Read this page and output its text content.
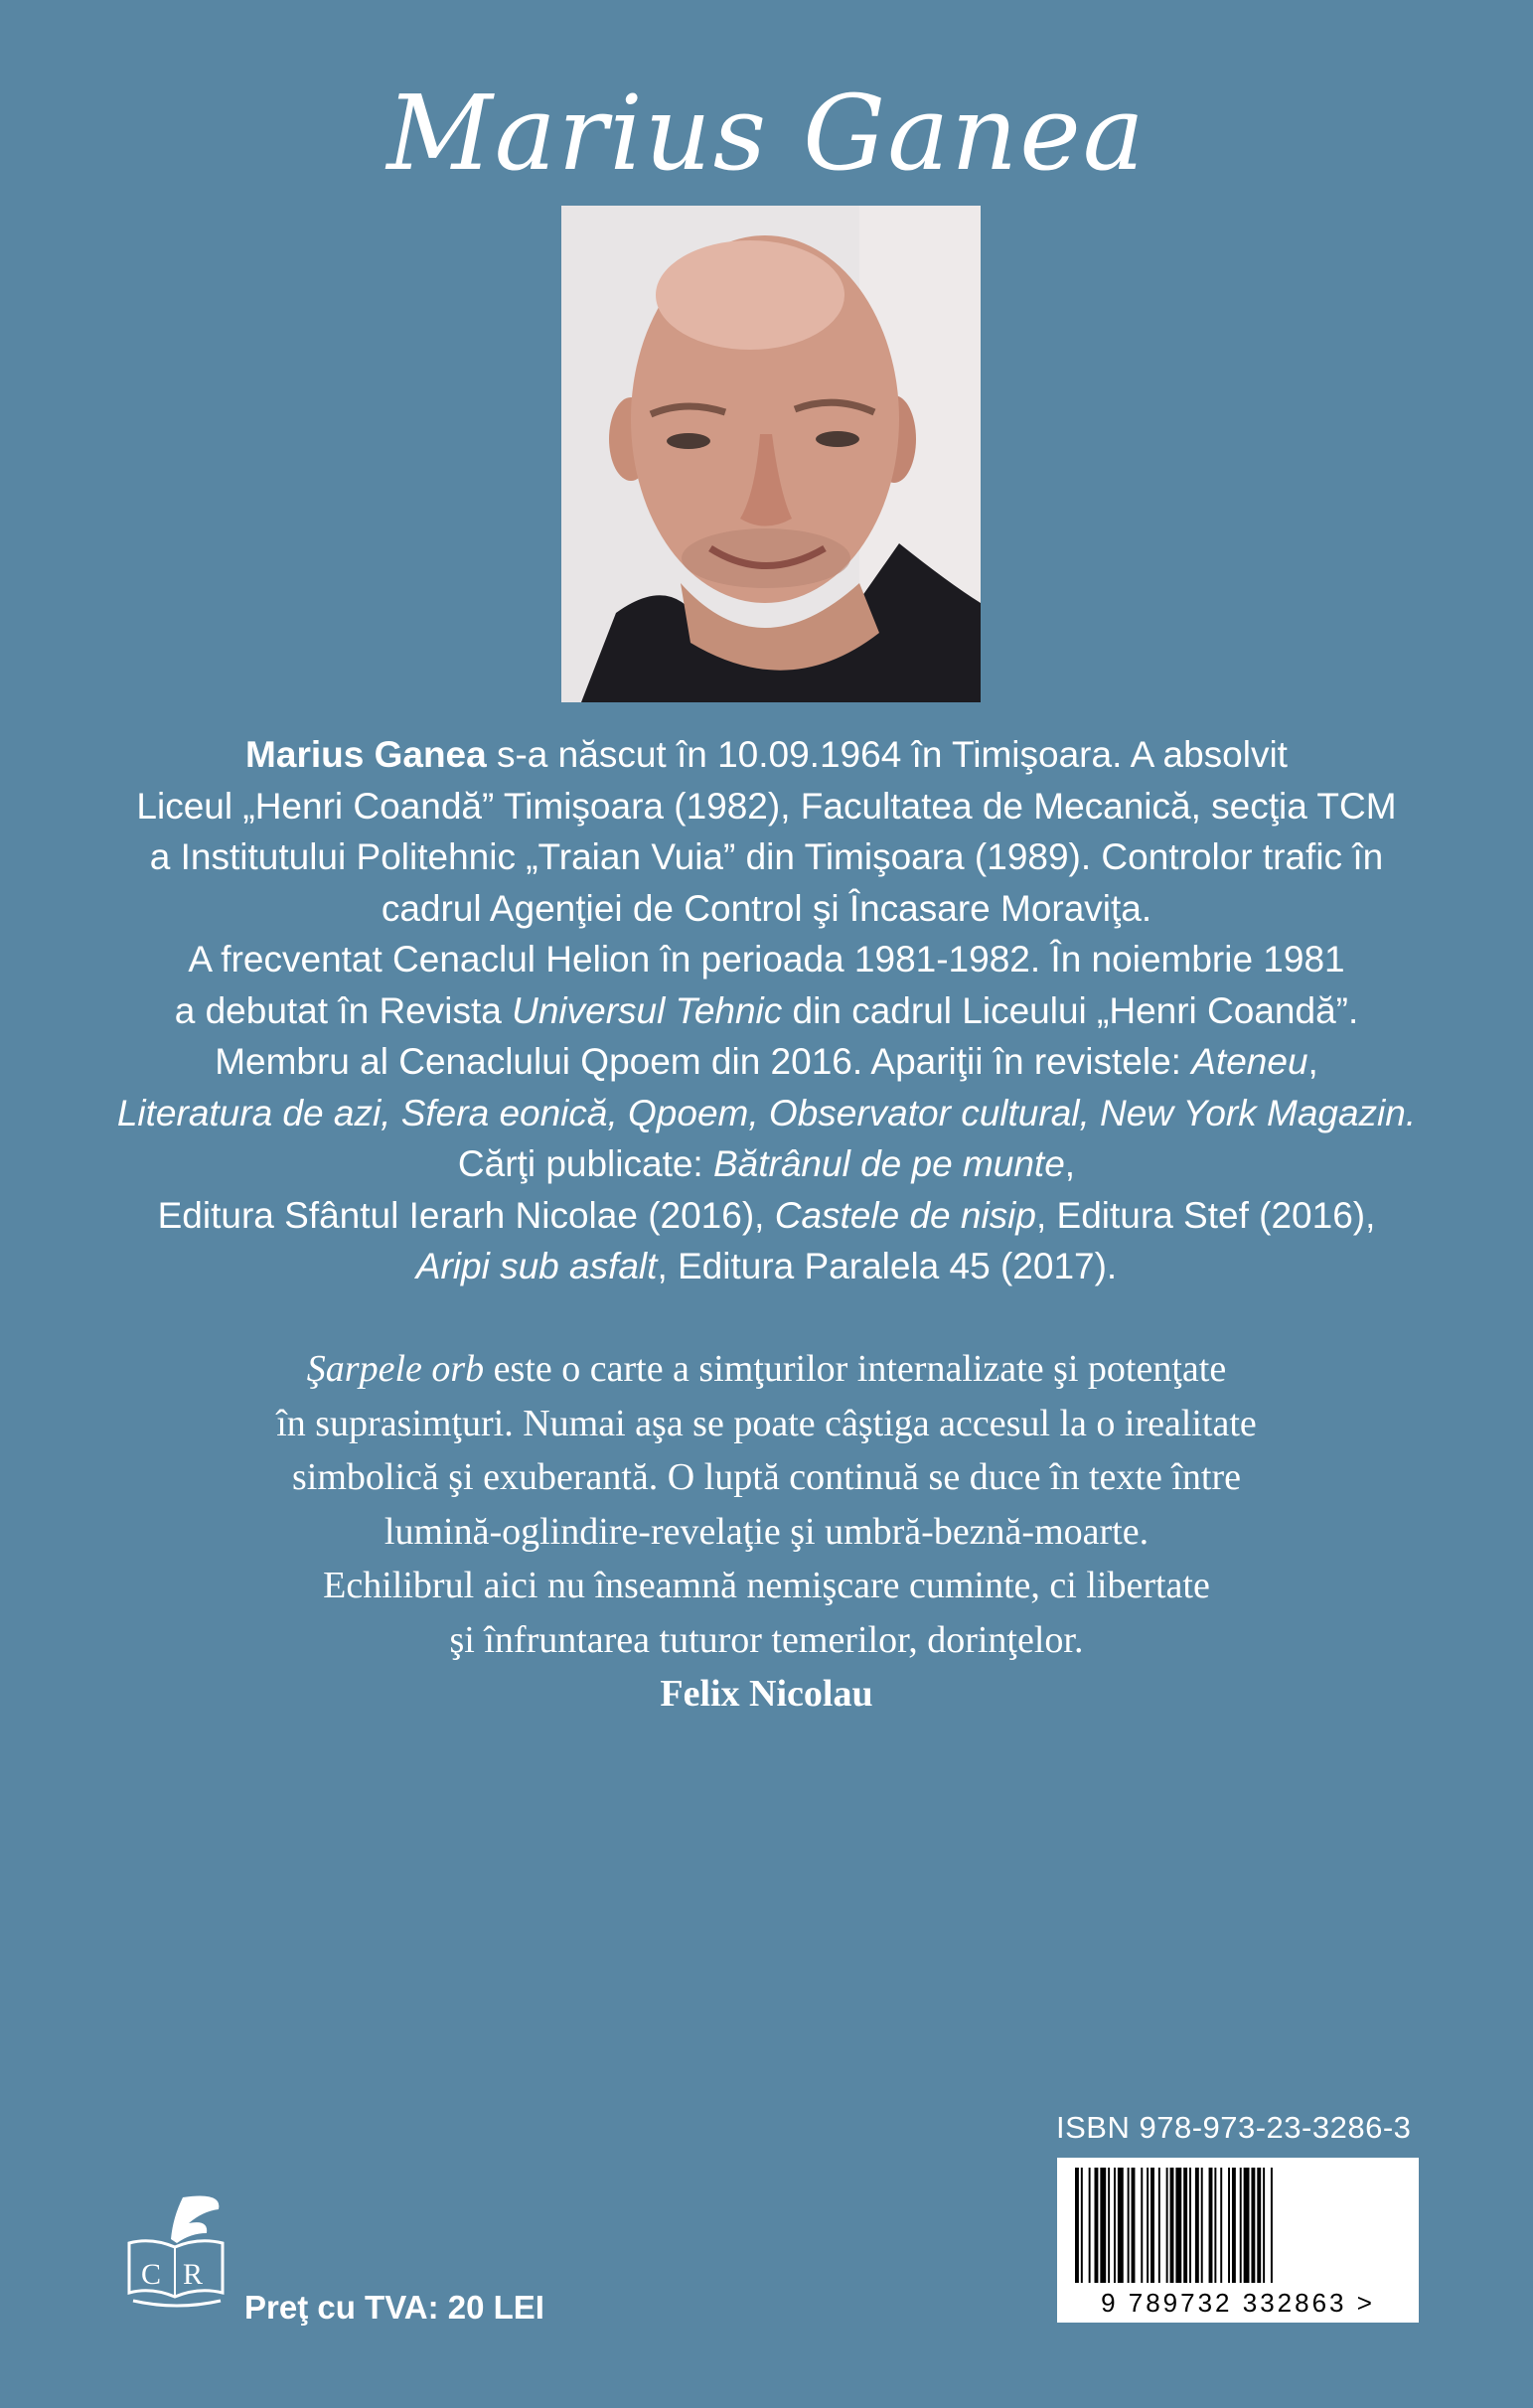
Marius Ganea
Marius Ganea s-a născut în 10.09.1964 în Timişoara. A absolvit
Liceul „Henri Coandă” Timişoara (1982), Facultatea de Mecanică, secţia TCM
a Institutului Politehnic „Traian Vuia” din Timişoara (1989). Controlor trafic în
cadrul Agenţiei de Control şi Încasare Moraviţa.
A frecventat Cenaclul Helion în perioada 1981-1982. În noiembrie 1981
a debutat în Revista Universul Tehnic din cadrul Liceului „Henri Coandă”.
Membru al Cenaclului Qpoem din 2016. Apariţii în revistele: Ateneu,
Literatura de azi, Sfera eonică, Qpoem, Observator cultural, New York Magazin.
Cărţi publicate: Bătrânul de pe munte,
Editura Sfântul Ierarh Nicolae (2016), Castele de nisip, Editura Stef (2016),
Aripi sub asfalt, Editura Paralela 45 (2017).
Şarpele orb este o carte a simţurilor internalizate şi potenţate
în suprasimţuri. Numai aşa se poate câştiga accesul la o irealitate
simbolică şi exuberantă. O luptă continuă se duce în texte între
lumină-oglindire-revelaţie şi umbră-beznă-moarte.
Echilibrul aici nu înseamnă nemişcare cuminte, ci libertate
şi înfruntarea tuturor temerilor, dorinţelor.
Felix Nicolau
ISBN 978-973-23-3286-3
9 789732 332863 >
C R
Preţ cu TVA: 20 LEI
